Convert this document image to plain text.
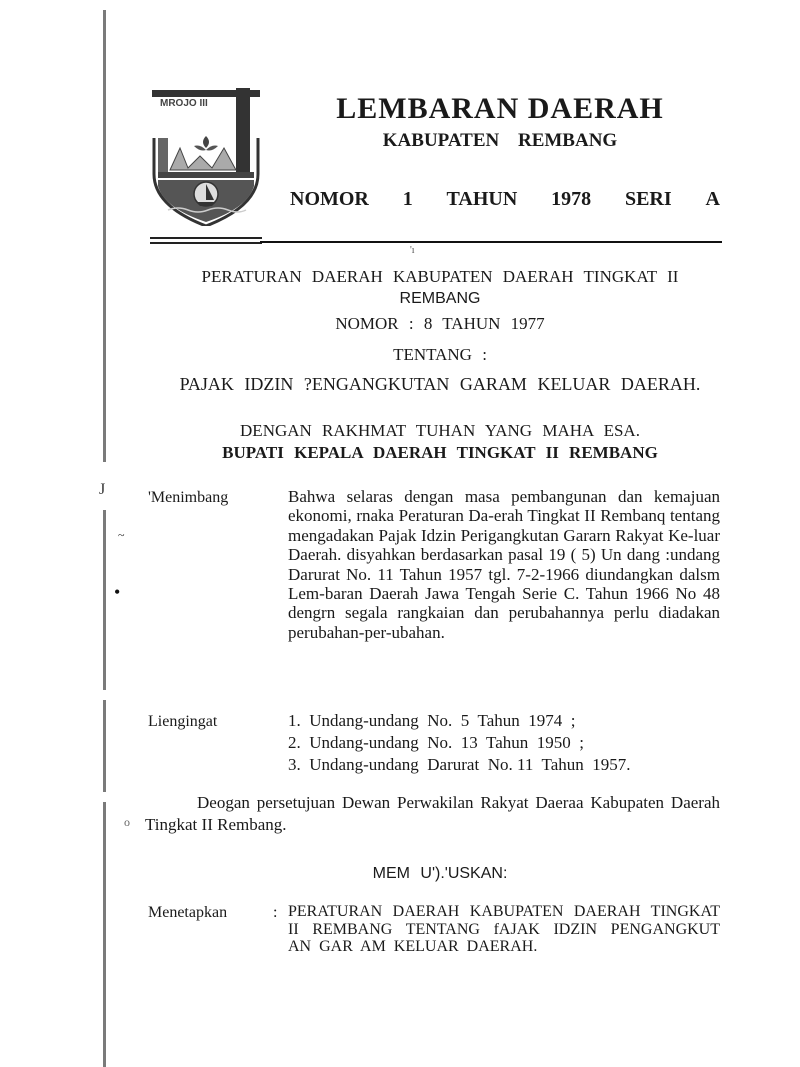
J
~
•
o
MROJO III	LEMBARAN DAERAH
KABUPATEN REMBANG
NOMOR 1 TAHUN 1978 SERI A
'ı
PERATURAN DAERAH KABUPATEN DAERAH TINGKAT II
REMBANG
NOMOR : 8 TAHUN 1977
TENTANG :
PAJAK IDZIN ?ENGANGKUTAN GARAM KELUAR DAERAH.
DENGAN RAKHMAT TUHAN YANG MAHA ESA.
BUPATI KEPALA DAERAH TINGKAT II REMBANG
'Menimbang	Bahwa selaras dengan masa pembangunan dan kemajuan ekonomi, rnaka Peraturan Da-erah Tingkat II Rembanq tentang mengadakan Pajak Idzin Perigangkutan Gararn Rakyat Ke-luar Daerah. disyahkan berdasarkan pasal 19 ( 5) Un dang :undang Darurat No. 11 Tahun 1957 tgl. 7-2-1966 diundangkan dalsm Lem-baran Daerah Jawa Tengah Serie C. Tahun 1966 No 48 dengrn segala rangkaian dan perubahannya perlu diadakan perubahan-per-ubahan.
Liengingat	1.  Undang-undang  No.  5  Tahun  1974  ;
2.  Undang-undang  No.  13  Tahun  1950  ;
3.  Undang-undang  Darurat  No. 11  Tahun  1957.
Deogan persetujuan Dewan Perwakilan Rakyat Daeraa Kabupaten Daerah Tingkat II Rembang.
MEM U').'USKAN:
Menetapkan	: PERATURAN DAERAH KABUPATEN DAERAH TINGKAT II REMBANG TENTANG fAJAK IDZIN PENGANGKUT AN GAR AM KELUAR DAERAH.
